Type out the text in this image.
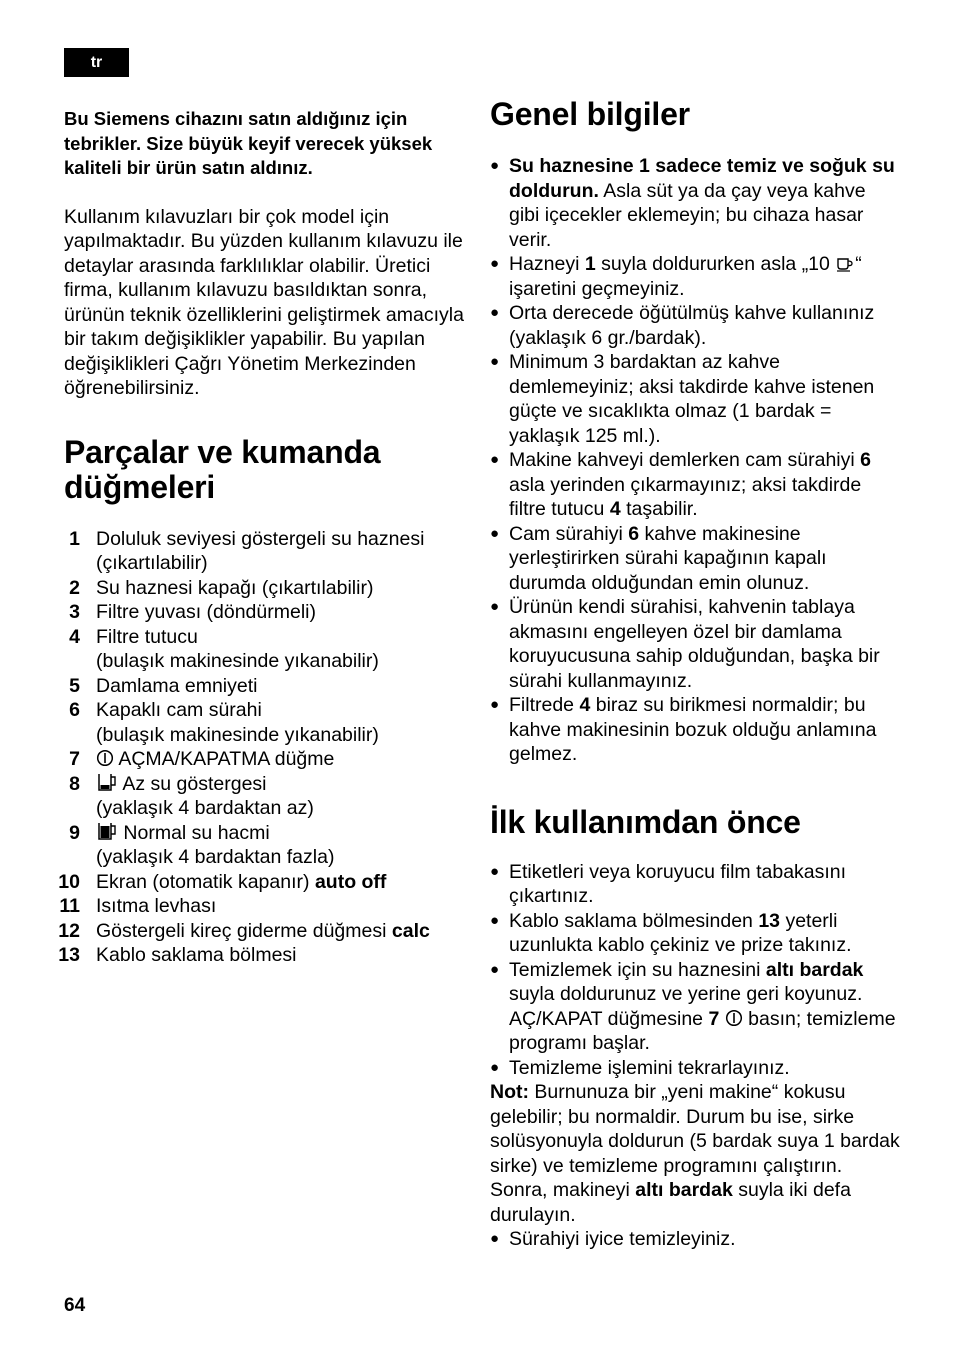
tr

Bu Siemens cihazını satın aldığınız için tebrikler. Size büyük keyif verecek yüksek kaliteli bir ürün satın aldınız.

Kullanım kılavuzları bir çok model için yapılmaktadır. Bu yüzden kullanım kılavuzu ile detaylar arasında farklılıklar olabilir. Üretici firma, kullanım kılavuzu basıldıktan sonra, ürünün teknik özelliklerini geliştirmek amacıyla bir takım değişiklikler yapabilir. Bu yapılan değişiklikleri Çağrı Yönetim Merkezinden öğrenebilirsiniz.

Parçalar ve kumanda düğmeleri
1 Doluluk seviyesi göstergeli su haznesi (çıkartılabilir)
2 Su haznesi kapağı (çıkartılabilir)
3 Filtre yuvası (döndürmeli)
4 Filtre tutucu
(bulaşık makinesinde yıkanabilir)
5 Damlama emniyeti
6 Kapaklı cam sürahi
(bulaşık makinesinde yıkanabilir)
7	AÇMA/KAPATMA düğme
8	Az su göstergesi
(yaklaşık 4 bardaktan az)
9	Normal su hacmi
(yaklaşık 4 bardaktan fazla)
10 Ekran (otomatik kapanır) auto off
11 Isıtma levhası
12 Göstergeli kireç giderme düğmesi calc
13 Kablo saklama bölmesi
Genel bilgiler
● Su haznesine 1 sadece temiz ve soğuk su doldurun. Asla süt ya da çay veya kahve gibi içecekler eklemeyin; bu cihaza hasar verir.
● Hazneyi 1 suyla doldururken asla „10 “ işaretini geçmeyiniz.
● Orta derecede öğütülmüş kahve kullanınız (yaklaşık 6 gr./bardak).
● Minimum 3 bardaktan az kahve demlemeyiniz; aksi takdirde kahve istenen güçte ve sıcaklıkta olmaz (1 bardak = yaklaşık 125 ml.).
● Makine kahveyi demlerken cam sürahiyi 6 asla yerinden çıkarmayınız; aksi takdirde filtre tutucu 4 taşabilir.
● Cam sürahiyi 6 kahve makinesine yerleştirirken sürahi kapağının kapalı durumda olduğundan emin olunuz.
● Ürünün kendi sürahisi, kahvenin tablaya akmasını engelleyen özel bir damlama koruyucusuna sahip olduğundan, başka bir sürahi kullanmayınız.
● Filtrede 4 biraz su birikmesi normaldir; bu kahve makinesinin bozuk olduğu anlamına gelmez.
İlk kullanımdan önce
● Etiketleri veya koruyucu film tabakasını çıkartınız.
● Kablo saklama bölmesinden 13 yeterli uzunlukta kablo çekiniz ve prize takınız.
● Temizlemek için su haznesini altı bardak suyla doldurunuz ve yerine geri koyunuz. AÇ/KAPAT düğmesine 7 basın; temizleme programı başlar.
● Temizleme işlemini tekrarlayınız.

Not: Burnunuza bir „yeni makine“ kokusu gelebilir; bu normaldir. Durum bu ise, sirke solüsyonuyla doldurun (5 bardak suya 1 bardak sirke) ve temizleme programını çalıştırın. Sonra, makineyi altı bardak suyla iki defa durulayın.

● Sürahiyi iyice temizleyiniz.
64
